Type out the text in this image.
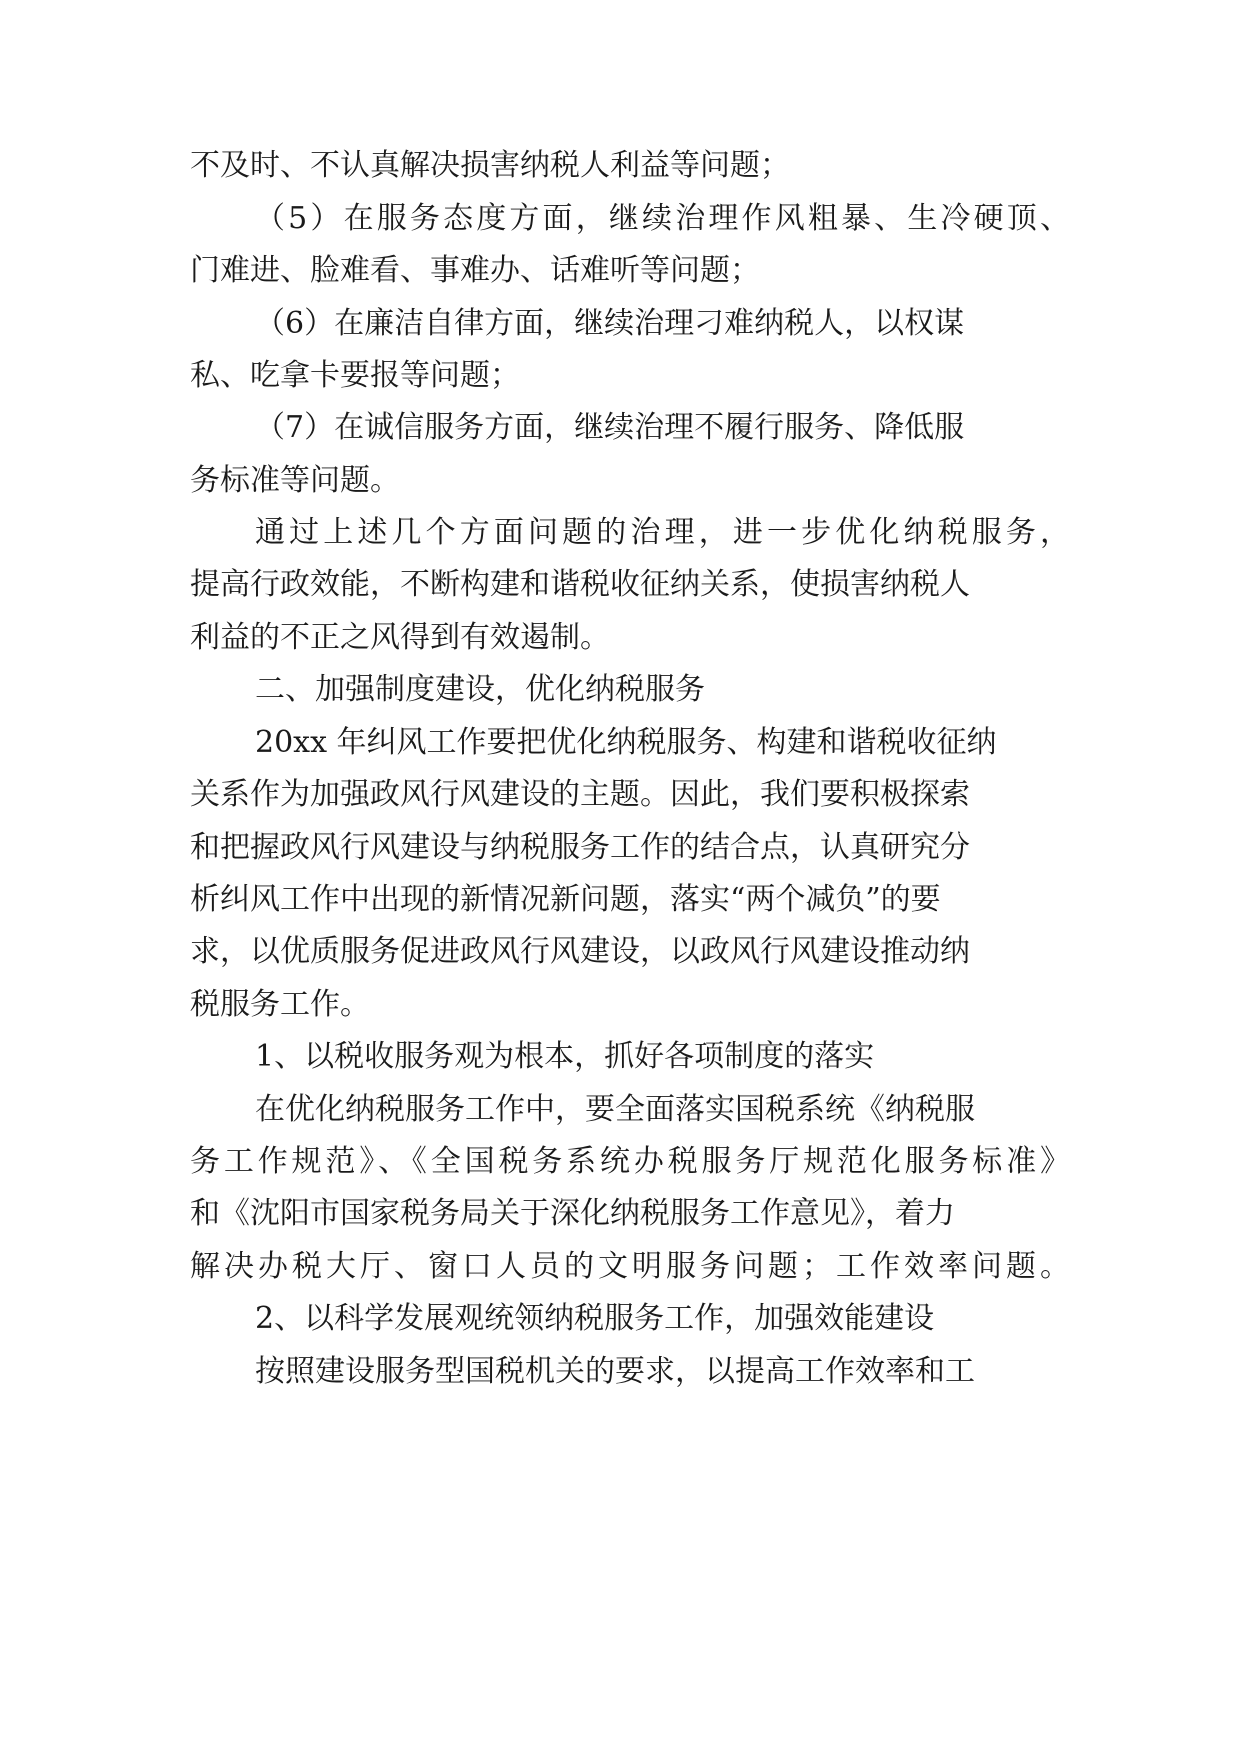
不及时、不认真解决损害纳税人利益等问题；
（5）在服务态度方面，继续治理作风粗暴、生冷硬顶、
门难进、脸难看、事难办、话难听等问题；
（6）在廉洁自律方面，继续治理刁难纳税人，以权谋
私、吃拿卡要报等问题；
（7）在诚信服务方面，继续治理不履行服务、降低服
务标准等问题。
通过上述几个方面问题的治理，进一步优化纳税服务，
提高行政效能，不断构建和谐税收征纳关系，使损害纳税人
利益的不正之风得到有效遏制。
二、加强制度建设，优化纳税服务
20xx 年纠风工作要把优化纳税服务、构建和谐税收征纳
关系作为加强政风行风建设的主题。因此，我们要积极探索
和把握政风行风建设与纳税服务工作的结合点，认真研究分
析纠风工作中出现的新情况新问题，落实“两个减负”的要
求，以优质服务促进政风行风建设，以政风行风建设推动纳
税服务工作。
1、以税收服务观为根本，抓好各项制度的落实
在优化纳税服务工作中，要全面落实国税系统《纳税服
务工作规范》、《全国税务系统办税服务厅规范化服务标准》
和《沈阳市国家税务局关于深化纳税服务工作意见》，着力
解决办税大厅、窗口人员的文明服务问题；工作效率问题。
2、以科学发展观统领纳税服务工作，加强效能建设
按照建设服务型国税机关的要求，以提高工作效率和工
